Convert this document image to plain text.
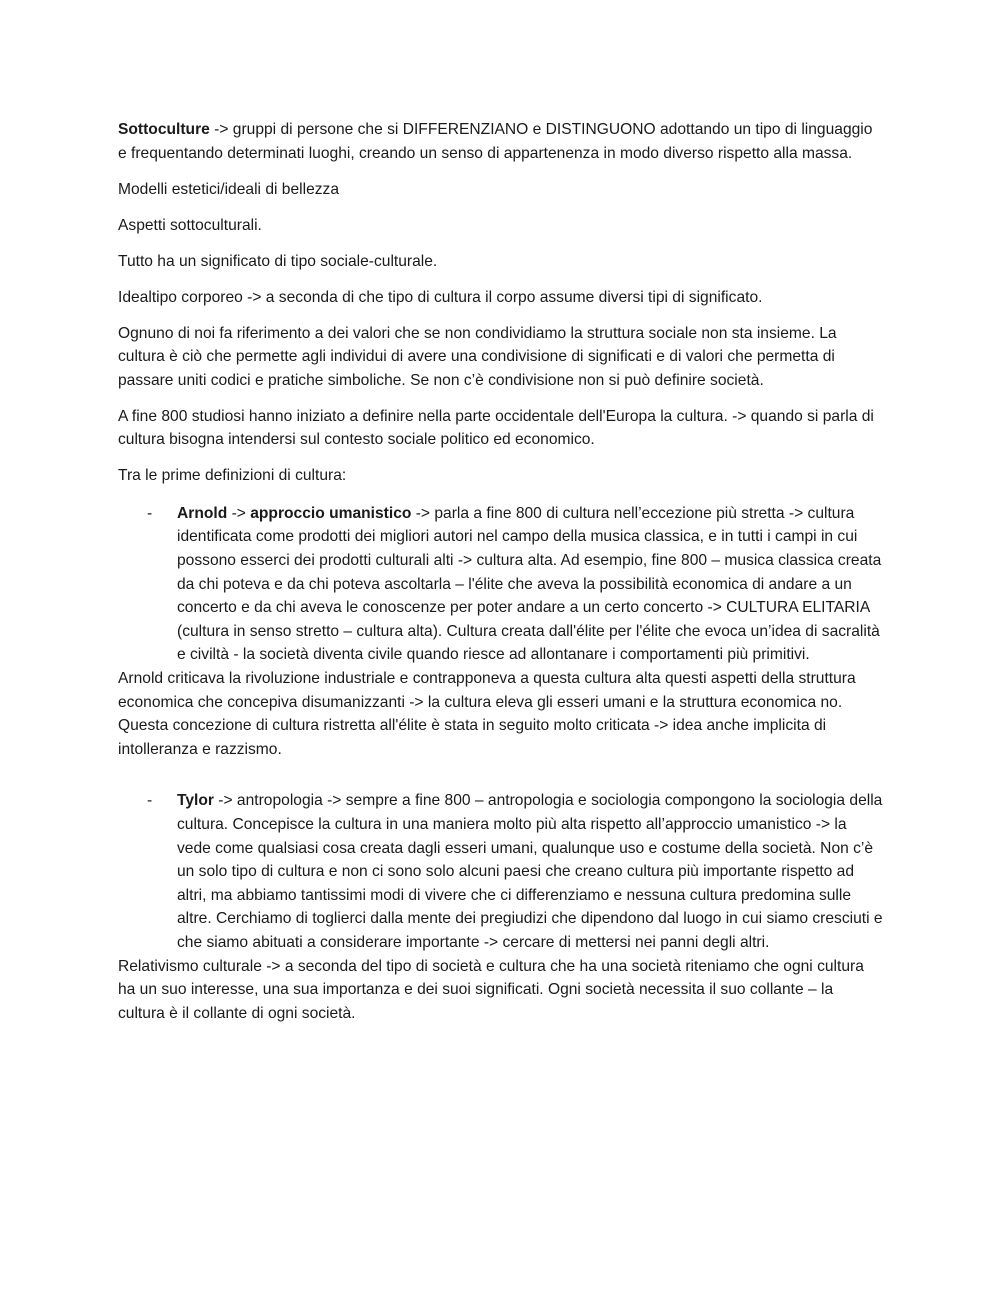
Sottoculture -> gruppi di persone che si DIFFERENZIANO e DISTINGUONO adottando un tipo di linguaggio e frequentando determinati luoghi, creando un senso di appartenenza in modo diverso rispetto alla massa.

Modelli estetici/ideali di bellezza

Aspetti sottoculturali.

Tutto ha un significato di tipo sociale-culturale.

Idealtipo corporeo -> a seconda di che tipo di cultura il corpo assume diversi tipi di significato.

Ognuno di noi fa riferimento a dei valori che se non condividiamo la struttura sociale non sta insieme. La cultura è ciò che permette agli individui di avere una condivisione di significati e di valori che permetta di passare uniti codici e pratiche simboliche. Se non c’è condivisione non si può definire società.

A fine 800 studiosi hanno iniziato a definire nella parte occidentale dell'Europa la cultura. -> quando si parla di cultura bisogna intendersi sul contesto sociale politico ed economico.

Tra le prime definizioni di cultura:

- Arnold -> approccio umanistico -> parla a fine 800 di cultura nell’eccezione più stretta -> cultura identificata come prodotti dei migliori autori nel campo della musica classica, e in tutti i campi in cui possono esserci dei prodotti culturali alti -> cultura alta. Ad esempio, fine 800 – musica classica creata da chi poteva e da chi poteva ascoltarla – l'élite che aveva la possibilità economica di andare a un concerto e da chi aveva le conoscenze per poter andare a un certo concerto -> CULTURA ELITARIA (cultura in senso stretto – cultura alta). Cultura creata dall'élite per l'élite che evoca un’idea di sacralità e civiltà - la società diventa civile quando riesce ad allontanare i comportamenti più primitivi.

Arnold criticava la rivoluzione industriale e contrapponeva a questa cultura alta questi aspetti della struttura economica che concepiva disumanizzanti -> la cultura eleva gli esseri umani e la struttura economica no.

Questa concezione di cultura ristretta all'élite è stata in seguito molto criticata -> idea anche implicita di intolleranza e razzismo.

- Tylor -> antropologia -> sempre a fine 800 – antropologia e sociologia compongono la sociologia della cultura. Concepisce la cultura in una maniera molto più alta rispetto all’approccio umanistico -> la vede come qualsiasi cosa creata dagli esseri umani, qualunque uso e costume della società. Non c’è un solo tipo di cultura e non ci sono solo alcuni paesi che creano cultura più importante rispetto ad altri, ma abbiamo tantissimi modi di vivere che ci differenziamo e nessuna cultura predomina sulle altre. Cerchiamo di toglierci dalla mente dei pregiudizi che dipendono dal luogo in cui siamo cresciuti e che siamo abituati a considerare importante -> cercare di mettersi nei panni degli altri.

Relativismo culturale -> a seconda del tipo di società e cultura che ha una società riteniamo che ogni cultura ha un suo interesse, una sua importanza e dei suoi significati. Ogni società necessita il suo collante – la cultura è il collante di ogni società.
